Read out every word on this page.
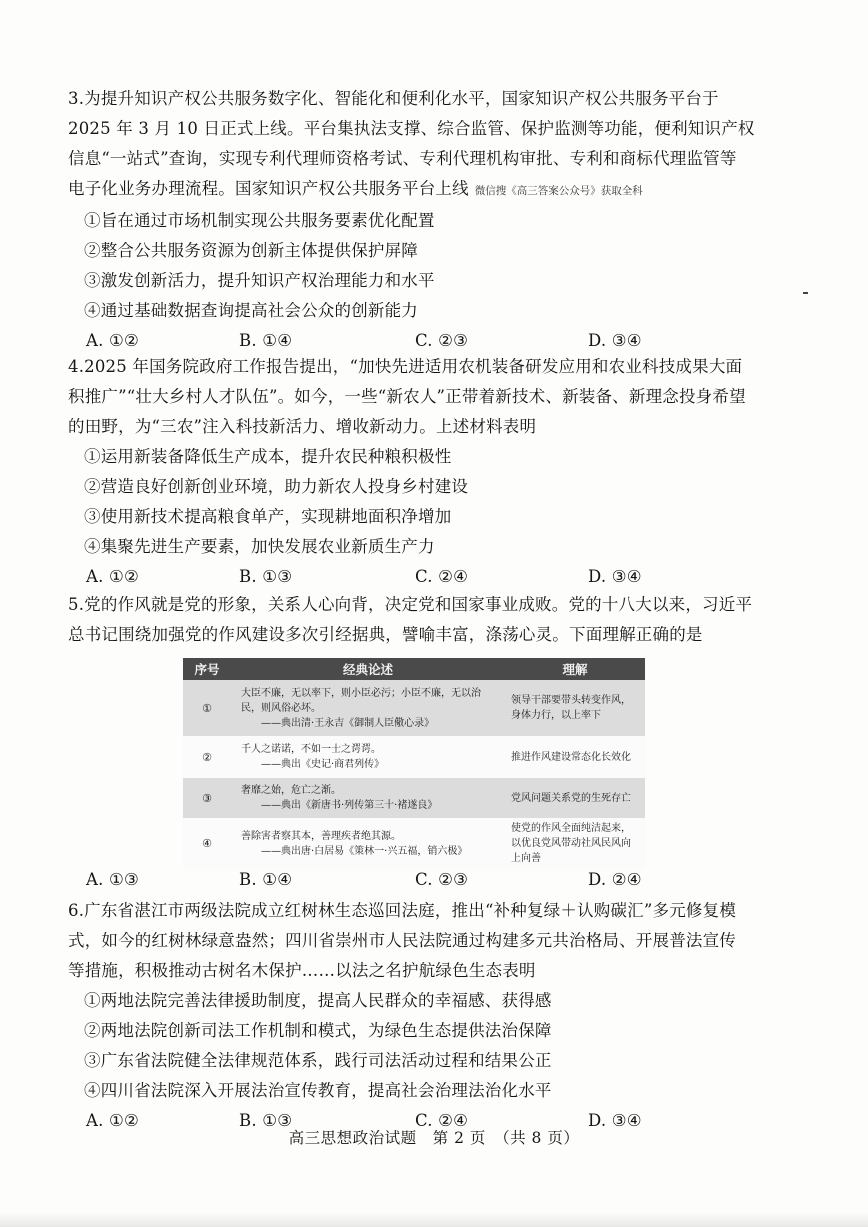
3.为提升知识产权公共服务数字化、智能化和便利化水平，国家知识产权公共服务平台于

2025 年 3 月 10 日正式上线。平台集执法支撑、综合监管、保护监测等功能，便利知识产权

信息“一站式”查询，实现专利代理师资格考试、专利代理机构审批、专利和商标代理监管等

电子化业务办理流程。国家知识产权公共服务平台上线 微信搜《高三答案公众号》获取全科

①旨在通过市场机制实现公共服务要素优化配置

②整合公共服务资源为创新主体提供保护屏障

③激发创新活力，提升知识产权治理能力和水平

④通过基础数据查询提高社会公众的创新能力

A. ①②	B. ①④	C. ②③	D. ③④

4.2025 年国务院政府工作报告提出，“加快先进适用农机装备研发应用和农业科技成果大面

积推广”“壮大乡村人才队伍”。如今，一些“新农人”正带着新技术、新装备、新理念投身希望

的田野，为“三农”注入科技新活力、增收新动力。上述材料表明

①运用新装备降低生产成本，提升农民种粮积极性

②营造良好创新创业环境，助力新农人投身乡村建设

③使用新技术提高粮食单产，实现耕地面积净增加

④集聚先进生产要素，加快发展农业新质生产力

A. ①②	B. ①③	C. ②④	D. ③④

5.党的作风就是党的形象，关系人心向背，决定党和国家事业成败。党的十八大以来，习近平

总书记围绕加强党的作风建设多次引经据典，譬喻丰富，涤荡心灵。下面理解正确的是

序号	经典论述	理解
①	大臣不廉，无以率下，则小臣必污；小臣不廉，无以治民，则风俗必坏。
——典出清·王永吉《御制人臣儆心录》	领导干部要带头转变作风，身体力行，以上率下
②	千人之诺诺，不如一士之谔谔。
——典出《史记·商君列传》	推进作风建设常态化长效化
③	奢靡之始，危亡之渐。
——典出《新唐书·列传第三十·褚遂良》	党风问题关系党的生死存亡
④	善除害者察其本，善理疾者绝其源。
——典出唐·白居易《策林一·兴五福，销六极》	使党的作风全面纯洁起来，以优良党风带动社风民风向上向善
A. ①③	B. ①④	C. ②③	D. ②④

6.广东省湛江市两级法院成立红树林生态巡回法庭，推出“补种复绿＋认购碳汇”多元修复模

式，如今的红树林绿意盎然；四川省崇州市人民法院通过构建多元共治格局、开展普法宣传

等措施，积极推动古树名木保护……以法之名护航绿色生态表明

①两地法院完善法律援助制度，提高人民群众的幸福感、获得感

②两地法院创新司法工作机制和模式，为绿色生态提供法治保障

③广东省法院健全法律规范体系，践行司法活动过程和结果公正

④四川省法院深入开展法治宣传教育，提高社会治理法治化水平

A. ①②	B. ①③	C. ②④	D. ③④
高三思想政治试题　第 2 页　（共 8 页）
